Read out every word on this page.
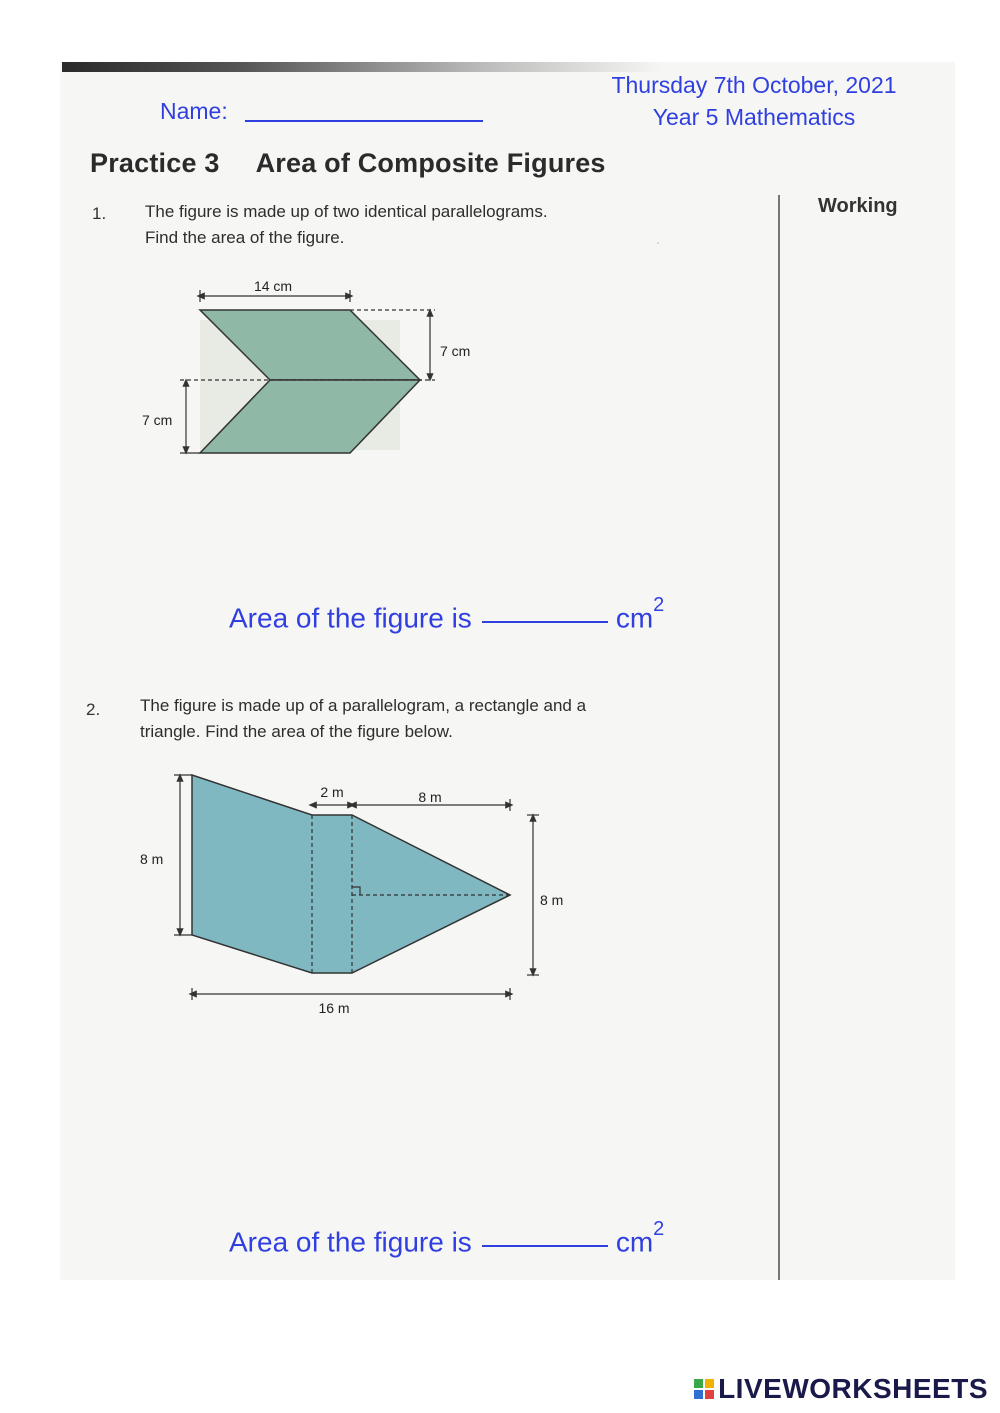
·
Name:
Thursday 7th October, 2021
Year 5 Mathematics
Practice 3 Area of Composite Figures
Working
1. The figure is made up of two identical parallelograms.
Find the area of the figure.
14 cm
7 cm
7 cm
Area of the figure is	$cm^2$
2. The figure is made up of a parallelogram, a rectangle and a
triangle. Find the area of the figure below.
2 m	8 m
8 m
8 m
16 m
Area of the figure is	$cm^2$
LIVEWORKSHEETS
